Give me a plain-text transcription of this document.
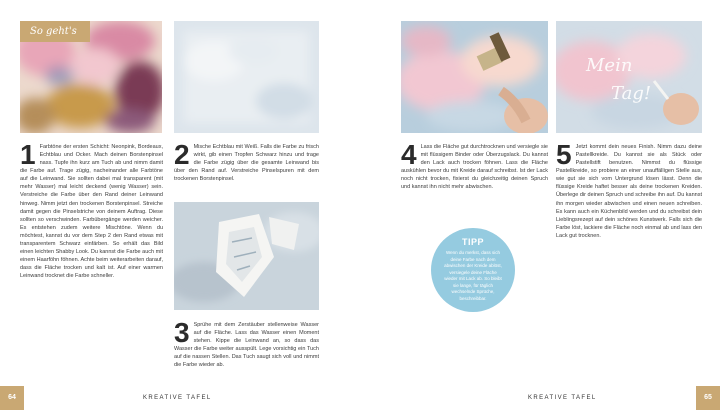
So geht's
Mein
Tag!
1 Farbtöne der ersten Schicht: Neonpink, Bordeaux, Echtblau und Ocker. Mach deinen Borstenpinsel nass. Tupfe ihn kurz am Tuch ab und nimm damit die Farbe auf. Trage zügig, nacheinander alle Farbtöne auf die Leinwand. Sie sollten dabei mal transparent (mit mehr Wasser) mal leicht deckend (wenig Wasser) sein. Verstreiche die Farbe über den Rand deiner Leinwand hinweg. Nimm jetzt den trockenen Borstenpinsel. Streiche damit gegen die Pinselstriche von deinem Auftrag. Diese sollten so verschwinden. Farbübergänge werden weicher. Es entstehen zudem weitere Mischtöne. Wenn du möchtest, kannst du vor dem Step 2 den Rand etwas mit transparentem Schwarz einfärben. So erhält das Bild einen leichten Shabby Look. Du kannst die Farbe auch mit einem Haarföhn föhnen. Achte beim weiterarbeiten darauf, dass die Fläche trocken und kalt ist. Auf einer warmen Leinwand trocknet die Farbe schneller.
2 Mische Echtblau mit Weiß. Falls die Farbe zu frisch wirkt, gib einen Tropfen Schwarz hinzu und trage die Farbe zügig über die gesamte Leinwand bis über den Rand auf. Verstreiche Pinselspuren mit dem trockenen Borstenpinsel.
3 Sprühe mit dem Zerstäuber stellenweise Wasser auf die Fläche. Lass das Wasser einen Moment stehen. Kippe die Leinwand an, so dass das Wasser die Farbe weiter ausspült. Lege vorsichtig ein Tuch auf die nassen Stellen. Das Tuch saugt sich voll und nimmt die Farbe wieder ab.
4 Lass die Fläche gut durchtrocknen und versiegle sie mit flüssigem Binder oder Überzugslack. Du kannst den Lack auch trocken föhnen. Lass die Fläche auskühlen bevor du mit Kreide darauf schreibst. Ist der Lack noch nicht trocken, fixierst du gleichzeitig deinen Spruch und kannst ihn nicht mehr abwischen.
5 Jetzt kommt dein neues Finish. Nimm dazu deine Pastellkreide. Du kannst sie als Stück oder Pastellstift benutzen. Nimmst du flüssige Pastellkreide, so probiere an einer unauffälligen Stelle aus, wie gut sie sich vom Untergrund lösen lässt. Denn die flüssige Kreide haftet besser als deine trockenen Kreiden. Überlege dir deinen Spruch und schreibe ihn auf. Du kannst ihn morgen wieder abwischen und einen neuen schreiben. Es kann auch ein Küchenbild werden und du schreibst dein Lieblingsrezept auf dein schönes Kunstwerk. Falls sich die Farbe löst, lackiere die Fläche noch einmal ab und lass den Lack gut trocknen.
TIPP
Wenn du merkst, dass sich deine Farbe nach dem abwischen der Kreide ablöst, versiegele deine Fläche wieder mit Lack ab. So bleibt sie lange, für täglich wechselnde Sprüche, beschreibbar.
64	KREATIVE TAFEL	KREATIVE TAFEL	65
